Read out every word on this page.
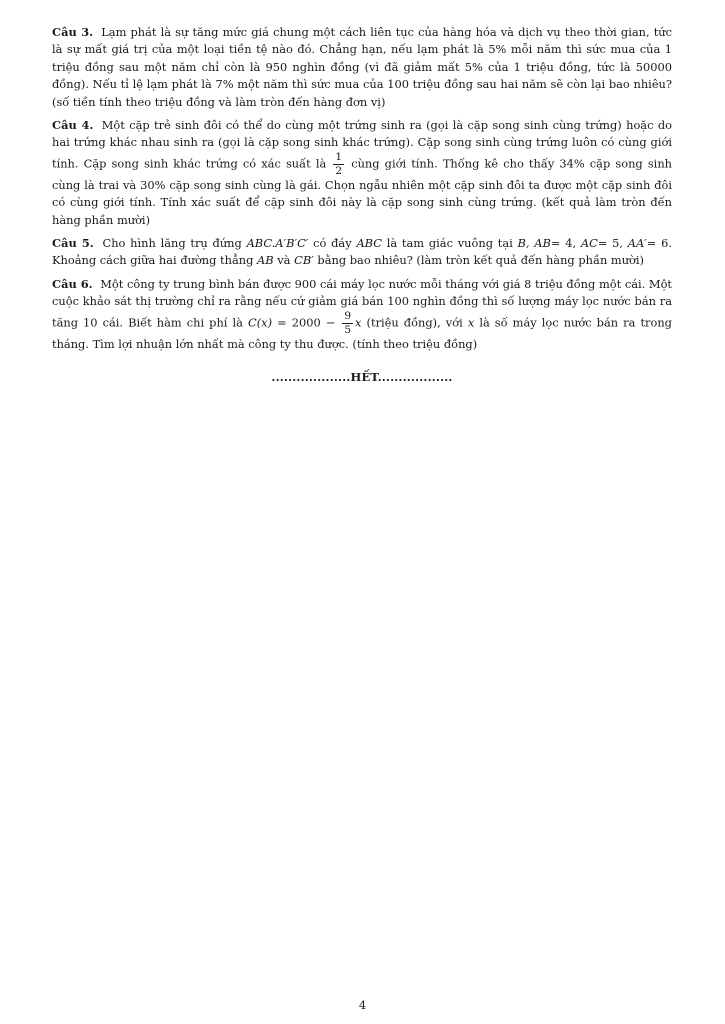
Câu 3. Lạm phát là sự tăng mức giá chung một cách liên tục của hàng hóa và dịch vụ theo thời gian, tức là sự mất giá trị của một loại tiền tệ nào đó. Chẳng hạn, nếu lạm phát là 5% mỗi năm thì sức mua của 1 triệu đồng sau một năm chỉ còn là 950 nghìn đồng (vì đã giảm mất 5% của 1 triệu đồng, tức là 50000 đồng). Nếu tỉ lệ lạm phát là 7% một năm thì sức mua của 100 triệu đồng sau hai năm sẽ còn lại bao nhiêu? (số tiền tính theo triệu đồng và làm tròn đến hàng đơn vị)

Câu 4. Một cặp trẻ sinh đôi có thể do cùng một trứng sinh ra (gọi là cặp song sinh cùng trứng) hoặc do hai trứng khác nhau sinh ra (gọi là cặp song sinh khác trứng). Cặp song sinh cùng trứng luôn có cùng giới tính. Cặp song sinh khác trứng có xác suất là $\frac{1}{2}$ cùng giới tính. Thống kê cho thấy 34% cặp song sinh cùng là trai và 30% cặp song sinh cùng là gái. Chọn ngẫu nhiên một cặp sinh đôi ta được một cặp sinh đôi có cùng giới tính. Tính xác suất để cặp sinh đôi này là cặp song sinh cùng trứng. (kết quả làm tròn đến hàng phần mười)

Câu 5. Cho hình lăng trụ đứng ABC.A′B′C′ có đáy ABC là tam giác vuông tại B, AB= 4, AC= 5, AA′= 6. Khoảng cách giữa hai đường thẳng AB và CB′ bằng bao nhiêu? (làm tròn kết quả đến hàng phần mười)

Câu 6. Một công ty trung bình bán được 900 cái máy lọc nước mỗi tháng với giá 8 triệu đồng một cái. Một cuộc khảo sát thị trường chỉ ra rằng nếu cứ giảm giá bán 100 nghìn đồng thì số lượng máy lọc nước bán ra tăng 10 cái. Biết hàm chi phí là $C(x) = 2000 - \frac{9}{5}$ x (triệu đồng), với x là số máy lọc nước bán ra trong tháng. Tìm lợi nhuận lớn nhất mà công ty thu được. (tính theo triệu đồng)

...................HẾT..................
4
